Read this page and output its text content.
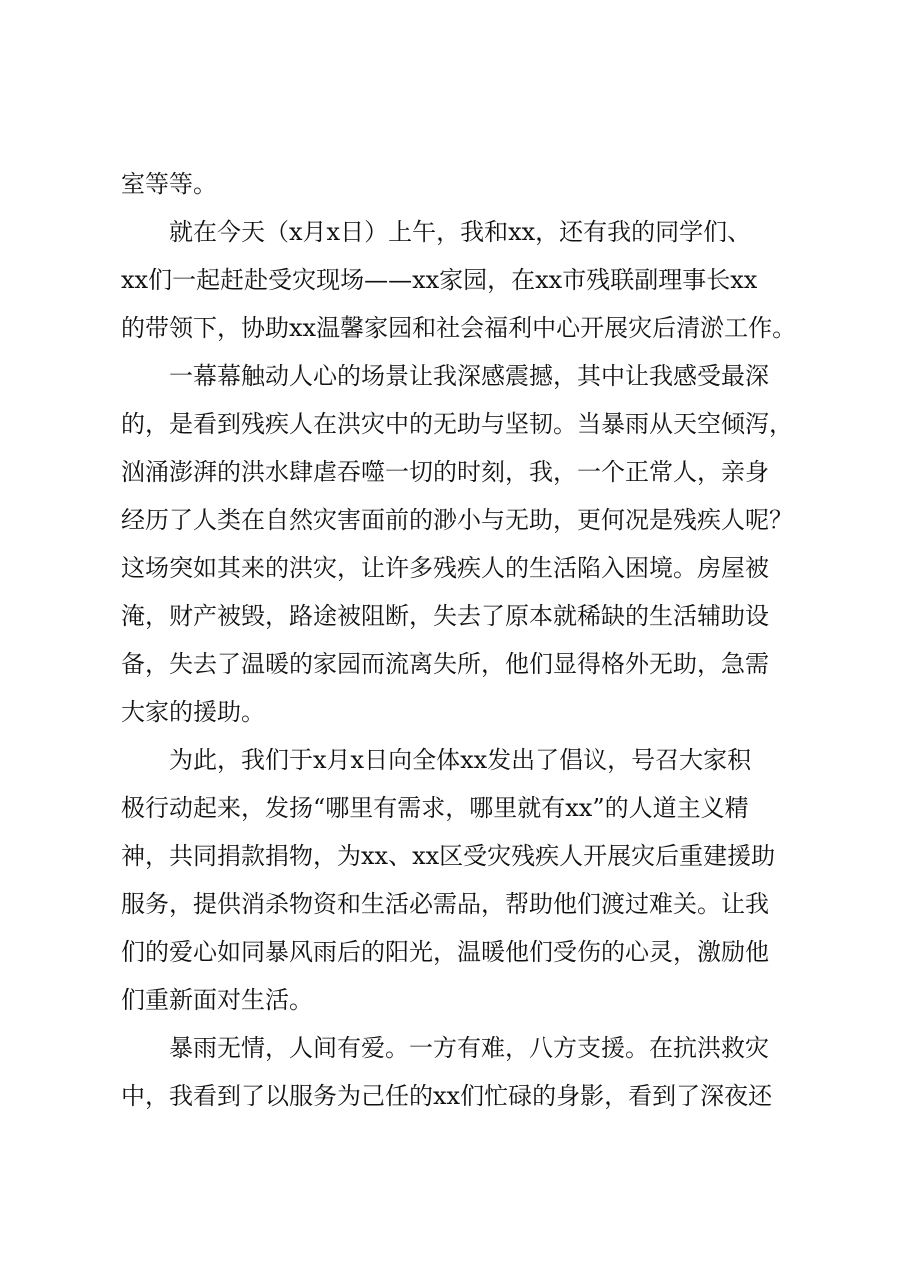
室等等。
就在今天（x月x日）上午，我和xx，还有我的同学们、
xx们一起赶赴受灾现场——xx家园，在xx市残联副理事长xx
的带领下，协助xx温馨家园和社会福利中心开展灾后清淤工作。
一幕幕触动人心的场景让我深感震撼，其中让我感受最深
的，是看到残疾人在洪灾中的无助与坚韧。当暴雨从天空倾泻，
汹涌澎湃的洪水肆虐吞噬一切的时刻，我，一个正常人，亲身
经历了人类在自然灾害面前的渺小与无助，更何况是残疾人呢？
这场突如其来的洪灾，让许多残疾人的生活陷入困境。房屋被
淹，财产被毁，路途被阻断，失去了原本就稀缺的生活辅助设
备，失去了温暖的家园而流离失所，他们显得格外无助，急需
大家的援助。
为此，我们于x月x日向全体xx发出了倡议，号召大家积
极行动起来，发扬“哪里有需求，哪里就有xx”的人道主义精
神，共同捐款捐物，为xx、xx区受灾残疾人开展灾后重建援助
服务，提供消杀物资和生活必需品，帮助他们渡过难关。让我
们的爱心如同暴风雨后的阳光，温暖他们受伤的心灵，激励他
们重新面对生活。
暴雨无情，人间有爱。一方有难，八方支援。在抗洪救灾
中，我看到了以服务为己任的xx们忙碌的身影，看到了深夜还
